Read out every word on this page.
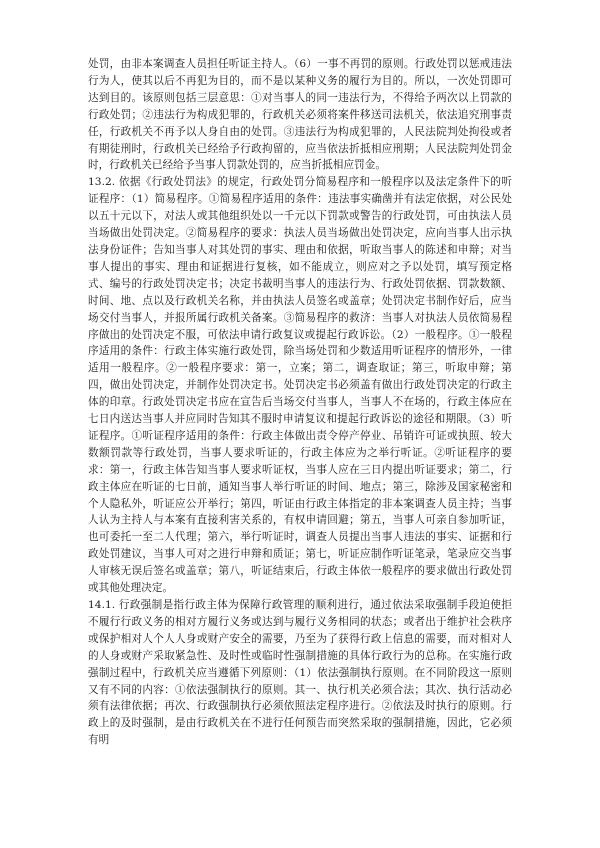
处罚，由非本案调查人员担任听证主持人。（6）一事不再罚的原则。行政处罚以惩戒违法行为人，使其以后不再犯为目的，而不是以某种义务的履行为目的。所以，一次处罚即可达到目的。该原则包括三层意思：①对当事人的同一违法行为，不得给予两次以上罚款的行政处罚；②违法行为构成犯罪的，行政机关必须将案件移送司法机关，依法追究刑事责任，行政机关不再予以人身自由的处罚。③违法行为构成犯罪的，人民法院判处拘役或者有期徒刑时，行政机关已经给予行政拘留的，应当依法折抵相应刑期；人民法院判处罚金时，行政机关已经给予当事人罚款处罚的，应当折抵相应罚金。

13.2. 依据《行政处罚法》的规定，行政处罚分简易程序和一般程序以及法定条件下的听证程序：（1）简易程序。①简易程序适用的条件：违法事实确凿并有法定依据，对公民处以五十元以下，对法人或其他组织处以一千元以下罚款或警告的行政处罚，可由执法人员当场做出处罚决定。②简易程序的要求：执法人员当场做出处罚决定，应向当事人出示执法身份证件；告知当事人对其处罚的事实、理由和依据，听取当事人的陈述和申辩；对当事人提出的事实、理由和证据进行复核，如不能成立，则应对之予以处罚，填写预定格式、编号的行政处罚决定书；决定书裁明当事人的违法行为、行政处罚依据、罚款数额、时间、地、点以及行政机关名称，并由执法人员签名或盖章；处罚决定书制作好后，应当场交付当事人，并报所属行政机关备案。③简易程序的救济：当事人对执法人员依简易程序做出的处罚决定不服，可依法申请行政复议或提起行政诉讼。（2）一般程序。①一般程序适用的条件：行政主体实施行政处罚，除当场处罚和少数适用听证程序的情形外，一律适用一般程序。②一般程序要求：第一，立案；第二，调查取证；第三，听取申辩；第四，做出处罚决定，并制作处罚决定书。处罚决定书必须盖有做出行政处罚决定的行政主体的印章。行政处罚决定书应在宣告后当场交付当事人，当事人不在场的，行政主体应在七日内送达当事人并应同时告知其不服时申请复议和提起行政诉讼的途径和期限。（3）听证程序。①听证程序适用的条件：行政主体做出责令停产停业、吊销许可证或执照、较大数额罚款等行政处罚，当事人要求听证的，行政主体应为之举行听证。②听证程序的要求：第一，行政主体告知当事人要求听证权，当事人应在三日内提出听证要求；第二，行政主体应在听证的七日前，通知当事人举行听证的时间、地点；第三，除涉及国家秘密和个人隐私外，听证应公开举行；第四，听证由行政主体指定的非本案调查人员主持；当事人认为主持人与本案有直接利害关系的，有权申请回避；第五，当事人可亲自参加听证，也可委托一至二人代理；第六，举行听证时，调查人员提出当事人违法的事实、证据和行政处罚建议，当事人可对之进行申辩和质证；第七，听证应制作听证笔录，笔录应交当事人审核无误后签名或盖章；第八，听证结束后，行政主体依一般程序的要求做出行政处罚或其他处理决定。

14.1. 行政强制是指行政主体为保障行政管理的顺利进行，通过依法采取强制手段迫使拒不履行行政义务的相对方履行义务或达到与履行义务相同的状态；或者出于维护社会秩序或保护相对人个人人身或财产安全的需要，乃至为了获得行政上信息的需要，而对相对人的人身或财产采取紧急性、及时性或临时性强制措施的具体行政行为的总称。在实施行政强制过程中，行政机关应当遵循下列原则：（1）依法强制执行原则。在不同阶段这一原则又有不同的内容：①依法强制执行的原则。其一、执行机关必须合法；其次、执行活动必须有法律依据；再次、行政强制执行必须依照法定程序进行。②依法及时执行的原则。行政上的及时强制，是由行政机关在不进行任何预告而突然采取的强制措施，因此，它必须有明
